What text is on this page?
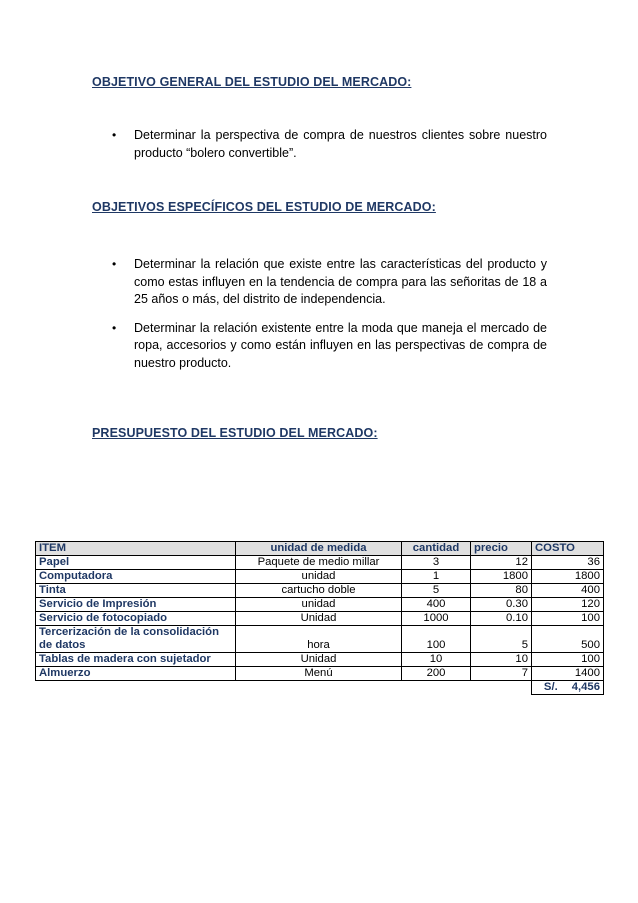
OBJETIVO GENERAL DEL ESTUDIO DEL MERCADO:
•	Determinar la perspectiva de compra de nuestros clientes sobre nuestro producto “bolero convertible”.
OBJETIVOS ESPECÍFICOS DEL ESTUDIO DE MERCADO:
•	Determinar la relación que existe entre las características del producto y como estas influyen en la tendencia de compra para las señoritas de 18 a 25 años o más, del distrito de independencia.
•	Determinar la relación existente entre la moda que maneja el mercado de ropa, accesorios y como están influyen en las perspectivas de compra de nuestro producto.
PRESUPUESTO DEL ESTUDIO DEL MERCADO:
ITEM	unidad de medida	cantidad	precio	COSTO
Papel	Paquete de medio millar	3	12	36
Computadora	unidad	1	1800	1800
Tinta	cartucho doble	5	80	400
Servicio de Impresión	unidad	400	0.30	120
Servicio de fotocopiado	Unidad	1000	0.10	100
Tercerización de la consolidación
de datos	hora	100	5	500
Tablas de madera con sujetador	Unidad	10	10	100
Almuerzo	Menú	200	7	1400
				S/. 4,456
